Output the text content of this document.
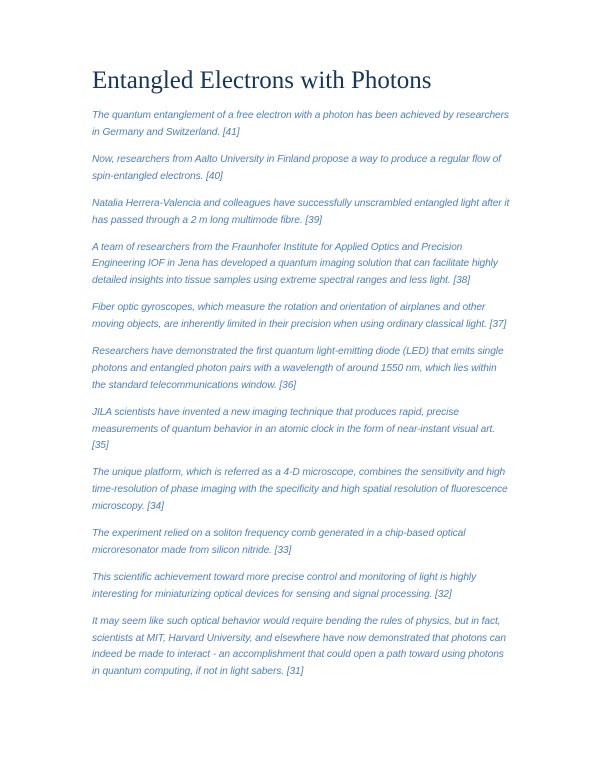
Entangled Electrons with Photons

The quantum entanglement of a free electron with a photon has been achieved by researchers in Germany and Switzerland. [41]

Now, researchers from Aalto University in Finland propose a way to produce a regular flow of spin-entangled electrons. [40]

Natalia Herrera-Valencia and colleagues have successfully unscrambled entangled light after it has passed through a 2 m long multimode fibre. [39]

A team of researchers from the Fraunhofer Institute for Applied Optics and Precision Engineering IOF in Jena has developed a quantum imaging solution that can facilitate highly detailed insights into tissue samples using extreme spectral ranges and less light. [38]

Fiber optic gyroscopes, which measure the rotation and orientation of airplanes and other moving objects, are inherently limited in their precision when using ordinary classical light. [37]

Researchers have demonstrated the first quantum light-emitting diode (LED) that emits single photons and entangled photon pairs with a wavelength of around 1550 nm, which lies within the standard telecommunications window. [36]

JILA scientists have invented a new imaging technique that produces rapid, precise measurements of quantum behavior in an atomic clock in the form of near-instant visual art. [35]

The unique platform, which is referred as a 4-D microscope, combines the sensitivity and high time-resolution of phase imaging with the specificity and high spatial resolution of fluorescence microscopy. [34]

The experiment relied on a soliton frequency comb generated in a chip-based optical microresonator made from silicon nitride. [33]

This scientific achievement toward more precise control and monitoring of light is highly interesting for miniaturizing optical devices for sensing and signal processing. [32]

It may seem like such optical behavior would require bending the rules of physics, but in fact, scientists at MIT, Harvard University, and elsewhere have now demonstrated that photons can indeed be made to interact - an accomplishment that could open a path toward using photons in quantum computing, if not in light sabers. [31]
